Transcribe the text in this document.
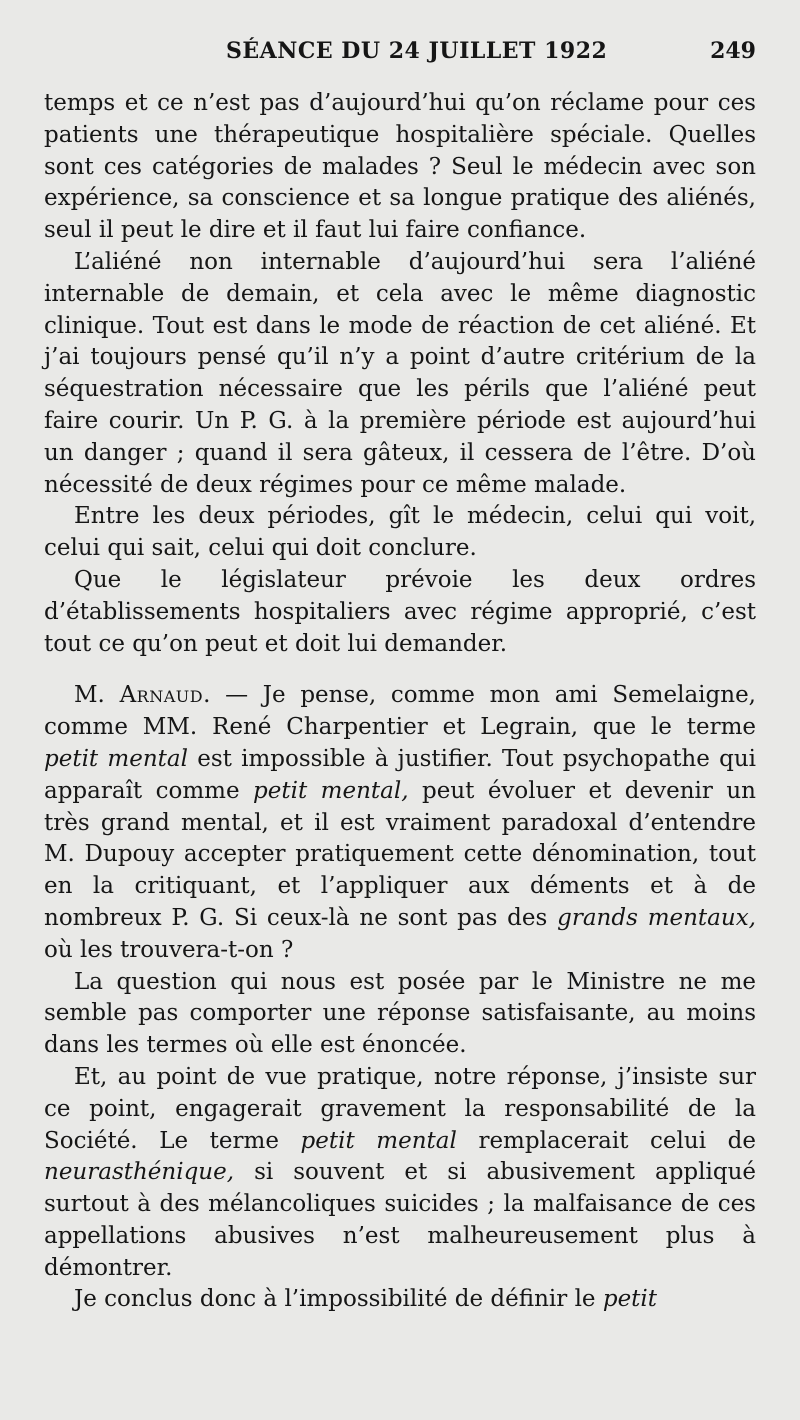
SÉANCE DU 24 JUILLET 1922	249

temps et ce n’est pas d’aujourd’hui qu’on réclame pour ces patients une thérapeutique hospitalière spéciale. Quelles sont ces catégories de malades ? Seul le médecin avec son expérience, sa conscience et sa longue pratique des aliénés, seul il peut le dire et il faut lui faire confiance.

L’aliéné non internable d’aujourd’hui sera l’aliéné internable de demain, et cela avec le même diagnostic clinique. Tout est dans le mode de réaction de cet aliéné. Et j’ai toujours pensé qu’il n’y a point d’autre critérium de la séquestration nécessaire que les périls que l’aliéné peut faire courir. Un P. G. à la première période est aujourd’hui un danger ; quand il sera gâteux, il cessera de l’être. D’où nécessité de deux régimes pour ce même malade.

Entre les deux périodes, gît le médecin, celui qui voit, celui qui sait, celui qui doit conclure.

Que le législateur prévoie les deux ordres d’établissements hospitaliers avec régime approprié, c’est tout ce qu’on peut et doit lui demander.

M. Arnaud. — Je pense, comme mon ami Semelaigne, comme MM. René Charpentier et Legrain, que le terme petit mental est impossible à justifier. Tout psychopathe qui apparaît comme petit mental, peut évoluer et devenir un très grand mental, et il est vraiment paradoxal d’entendre M. Dupouy accepter pratiquement cette dénomination, tout en la critiquant, et l’appliquer aux déments et à de nombreux P. G. Si ceux-là ne sont pas des grands mentaux, où les trouvera-t-on ?

La question qui nous est posée par le Ministre ne me semble pas comporter une réponse satisfaisante, au moins dans les termes où elle est énoncée.

Et, au point de vue pratique, notre réponse, j’insiste sur ce point, engagerait gravement la responsabilité de la Société. Le terme petit mental remplacerait celui de neurasthénique, si souvent et si abusivement appliqué surtout à des mélancoliques suicides ; la malfaisance de ces appellations abusives n’est malheureusement plus à démontrer.

Je conclus donc à l’impossibilité de définir le petit
